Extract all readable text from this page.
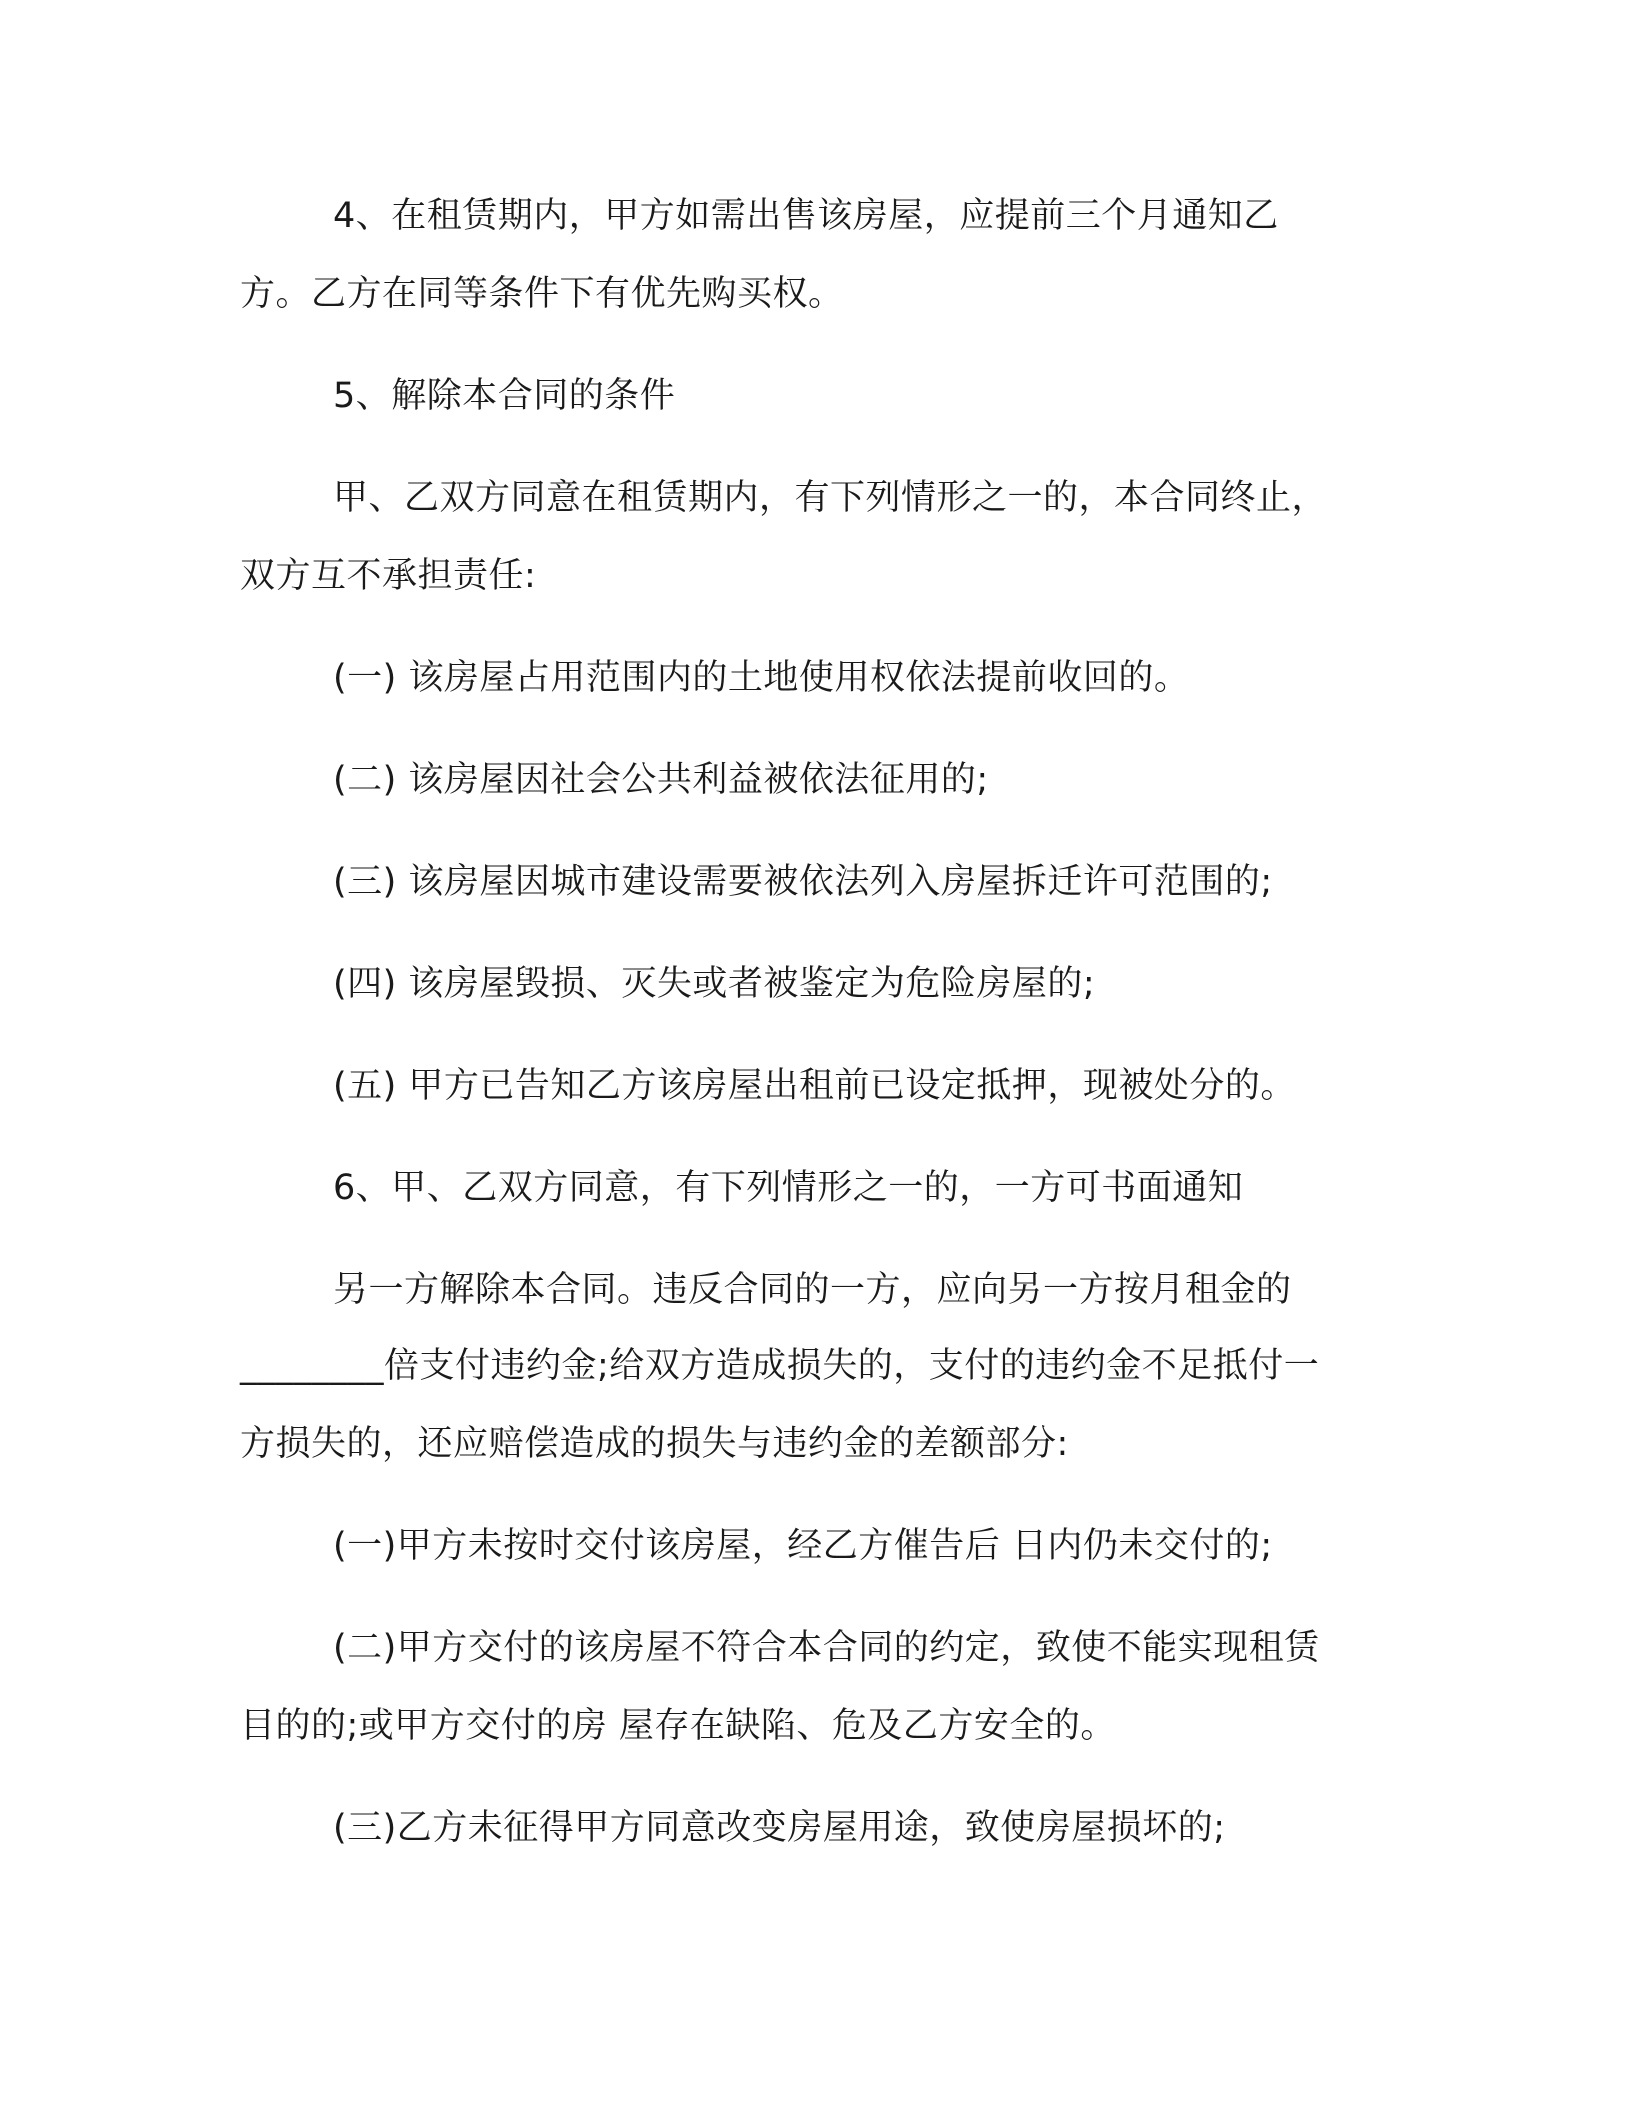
4、在租赁期内，甲方如需出售该房屋，应提前三个月通知乙

方。乙方在同等条件下有优先购买权。

5、解除本合同的条件

甲、乙双方同意在租赁期内，有下列情形之一的，本合同终止，

双方互不承担责任:

(一) 该房屋占用范围内的土地使用权依法提前收回的。

(二) 该房屋因社会公共利益被依法征用的;

(三) 该房屋因城市建设需要被依法列入房屋拆迁许可范围的;

(四) 该房屋毁损、灭失或者被鉴定为危险房屋的;

(五) 甲方已告知乙方该房屋出租前已设定抵押，现被处分的。

6、甲、乙双方同意，有下列情形之一的，一方可书面通知

另一方解除本合同。违反合同的一方，应向另一方按月租金的

________倍支付违约金;给双方造成损失的，支付的违约金不足抵付一

方损失的，还应赔偿造成的损失与违约金的差额部分:

(一)甲方未按时交付该房屋，经乙方催告后 日内仍未交付的;

(二)甲方交付的该房屋不符合本合同的约定，致使不能实现租赁

目的的;或甲方交付的房 屋存在缺陷、危及乙方安全的。

(三)乙方未征得甲方同意改变房屋用途，致使房屋损坏的;
